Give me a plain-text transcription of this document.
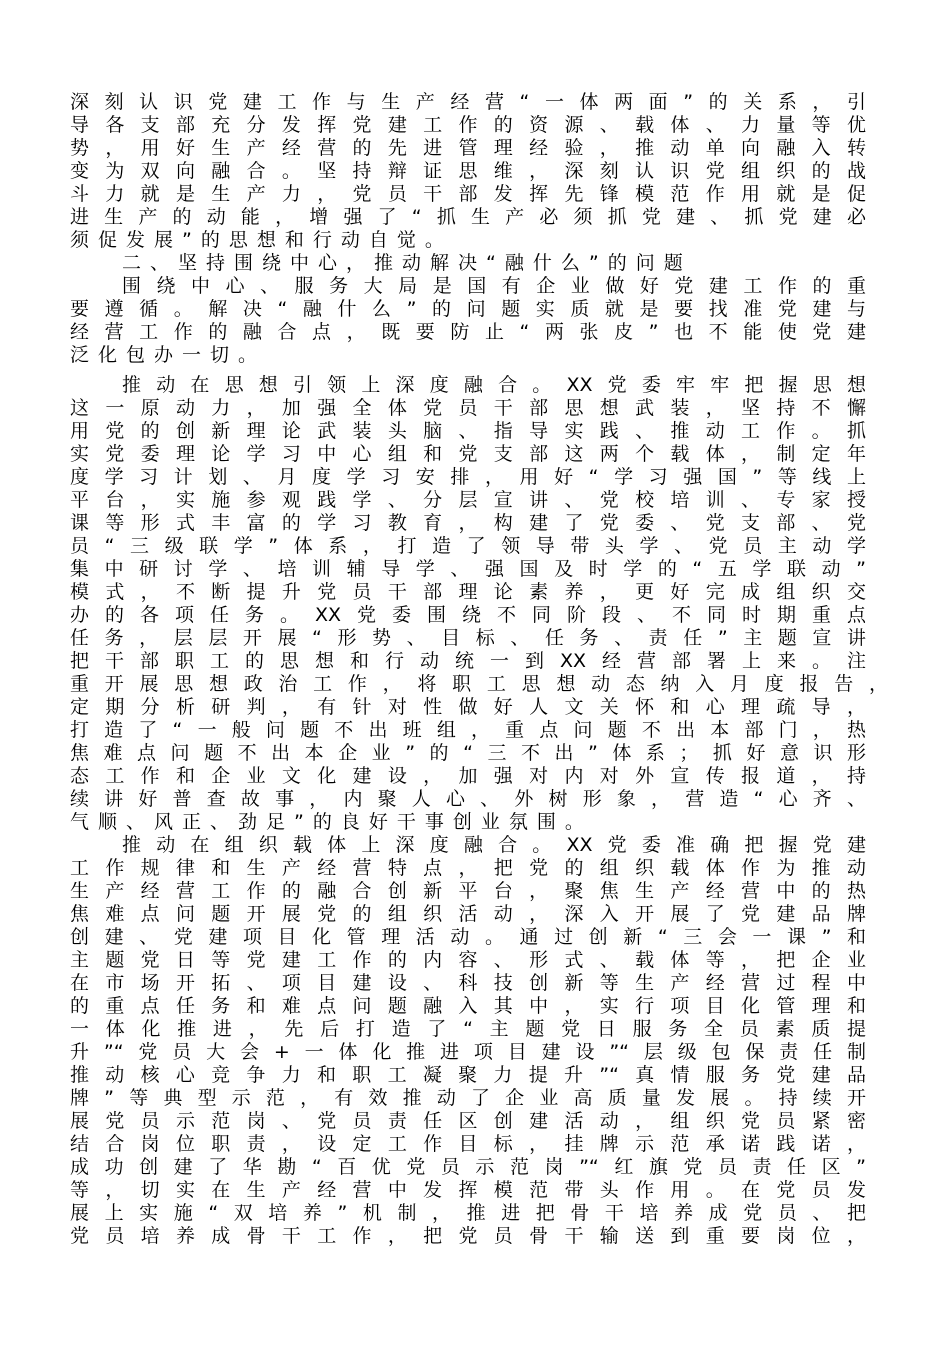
深刻认识党建工作与生产经营“一体两面”的关系，引
导各支部充分发挥党建工作的资源、载体、力量等优
势，用好生产经营的先进管理经验，推动单向融入转
变为双向融合。坚持辩证思维，深刻认识党组织的战
斗力就是生产力，党员干部发挥先锋模范作用就是促
进生产的动能，增强了“抓生产必须抓党建、抓党建必
须促发展”的思想和行动自觉。
二、坚持围绕中心，推动解决“融什么”的问题
围绕中心、服务大局是国有企业做好党建工作的重
要遵循。解决“融什么”的问题实质就是要找准党建与
经营工作的融合点，既要防止“两张皮”也不能使党建
泛化包办一切。
推动在思想引领上深度融合。XX党委牢牢把握思想
这一原动力，加强全体党员干部思想武装，坚持不懈
用党的创新理论武装头脑、指导实践、推动工作。抓
实党委理论学习中心组和党支部这两个载体，制定年
度学习计划、月度学习安排，用好“学习强国”等线上
平台，实施参观践学、分层宣讲、党校培训、专家授
课等形式丰富的学习教育，构建了党委、党支部、党
员“三级联学”体系，打造了领导带头学、党员主动学
集中研讨学、培训辅导学、强国及时学的“五学联动”
模式，不断提升党员干部理论素养，更好完成组织交
办的各项任务。XX党委围绕不同阶段、不同时期重点
任务，层层开展“形势、目标、任务、责任”主题宣讲
把干部职工的思想和行动统一到XX经营部署上来。注
重开展思想政治工作，将职工思想动态纳入月度报告，
定期分析研判，有针对性做好人文关怀和心理疏导，
打造了“一般问题不出班组，重点问题不出本部门，热
焦难点问题不出本企业”的“三不出”体系；抓好意识形
态工作和企业文化建设，加强对内对外宣传报道，持
续讲好普查故事，内聚人心、外树形象，营造“心齐、
气顺、风正、劲足”的良好干事创业氛围。
推动在组织载体上深度融合。XX党委准确把握党建
工作规律和生产经营特点，把党的组织载体作为推动
生产经营工作的融合创新平台，聚焦生产经营中的热
焦难点问题开展党的组织活动，深入开展了党建品牌
创建、党建项目化管理活动。通过创新“三会一课”和
主题党日等党建工作的内容、形式、载体等，把企业
在市场开拓、项目建设、科技创新等生产经营过程中
的重点任务和难点问题融入其中，实行项目化管理和
一体化推进，先后打造了“主题党日服务全员素质提
升”“党员大会+一体化推进项目建设”“层级包保责任制
推动核心竞争力和职工凝聚力提升”“真情服务党建品
牌”等典型示范，有效推动了企业高质量发展。持续开
展党员示范岗、党员责任区创建活动，组织党员紧密
结合岗位职责，设定工作目标，挂牌示范承诺践诺，
成功创建了华勘“百优党员示范岗”“红旗党员责任区”
等，切实在生产经营中发挥模范带头作用。在党员发
展上实施“双培养”机制，推进把骨干培养成党员、把
党员培养成骨干工作，把党员骨干输送到重要岗位，
